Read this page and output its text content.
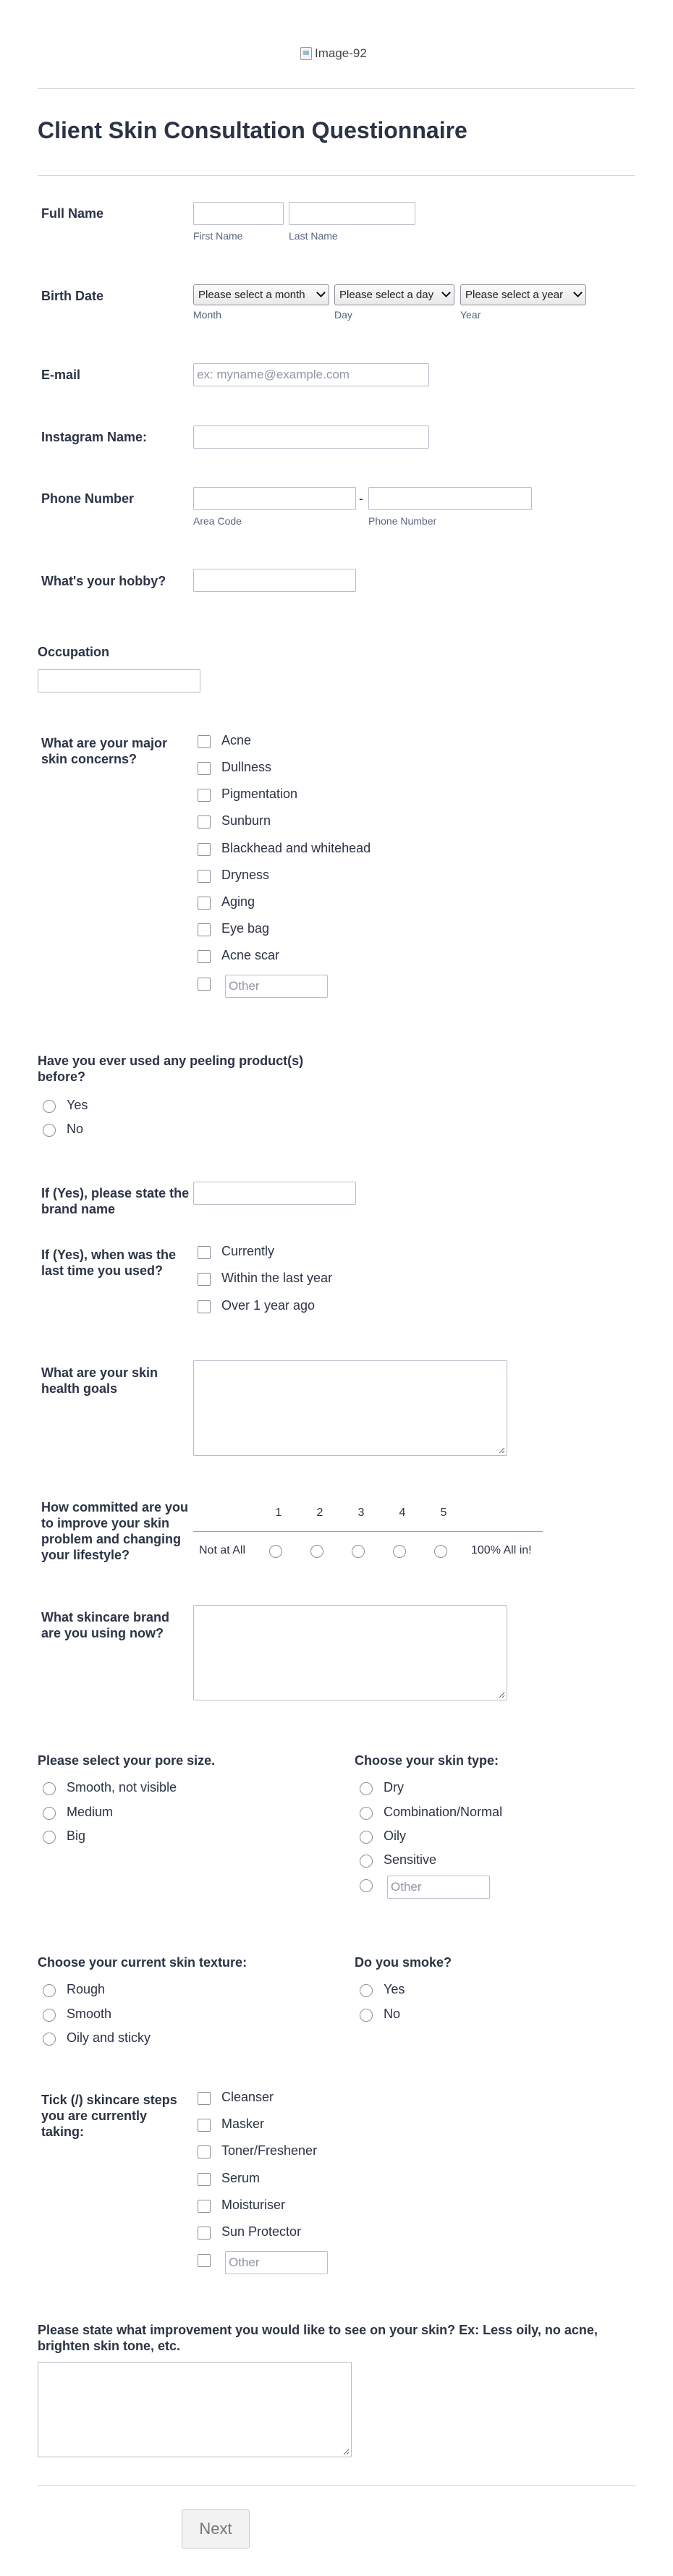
Image-92
Client Skin Consultation Questionnaire
Full Name
First Name	Last Name
Birth Date	Please select a month	Please select a day	Please select a year
Month	Day	Year
E-mail	ex: myname@example.com
Instagram Name:
Phone Number	-
Area Code	Phone Number
What's your hobby?
Occupation
What are your major skin concerns?
Acne
Dullness
Pigmentation
Sunburn
Blackhead and whitehead
Dryness
Aging
Eye bag
Acne scar
Other
Have you ever used any peeling product(s) before?
Yes
No
If (Yes), please state the brand name
If (Yes), when was the last time you used?
Currently
Within the last year
Over 1 year ago
What are your skin health goals
How committed are you to improve your skin problem and changing your lifestyle?
1	2	3	4	5
Not at All	100% All in!
What skincare brand are you using now?
Please select your pore size.
Smooth, not visible
Medium
Big
Choose your skin type:
Dry
Combination/Normal
Oily
Sensitive
Other
Choose your current skin texture:
Rough
Smooth
Oily and sticky
Do you smoke?
Yes
No
Tick (/) skincare steps you are currently taking:
Cleanser
Masker
Toner/Freshener
Serum
Moisturiser
Sun Protector
Other
Please state what improvement you would like to see on your skin? Ex: Less oily, no acne, brighten skin tone, etc.
Next
